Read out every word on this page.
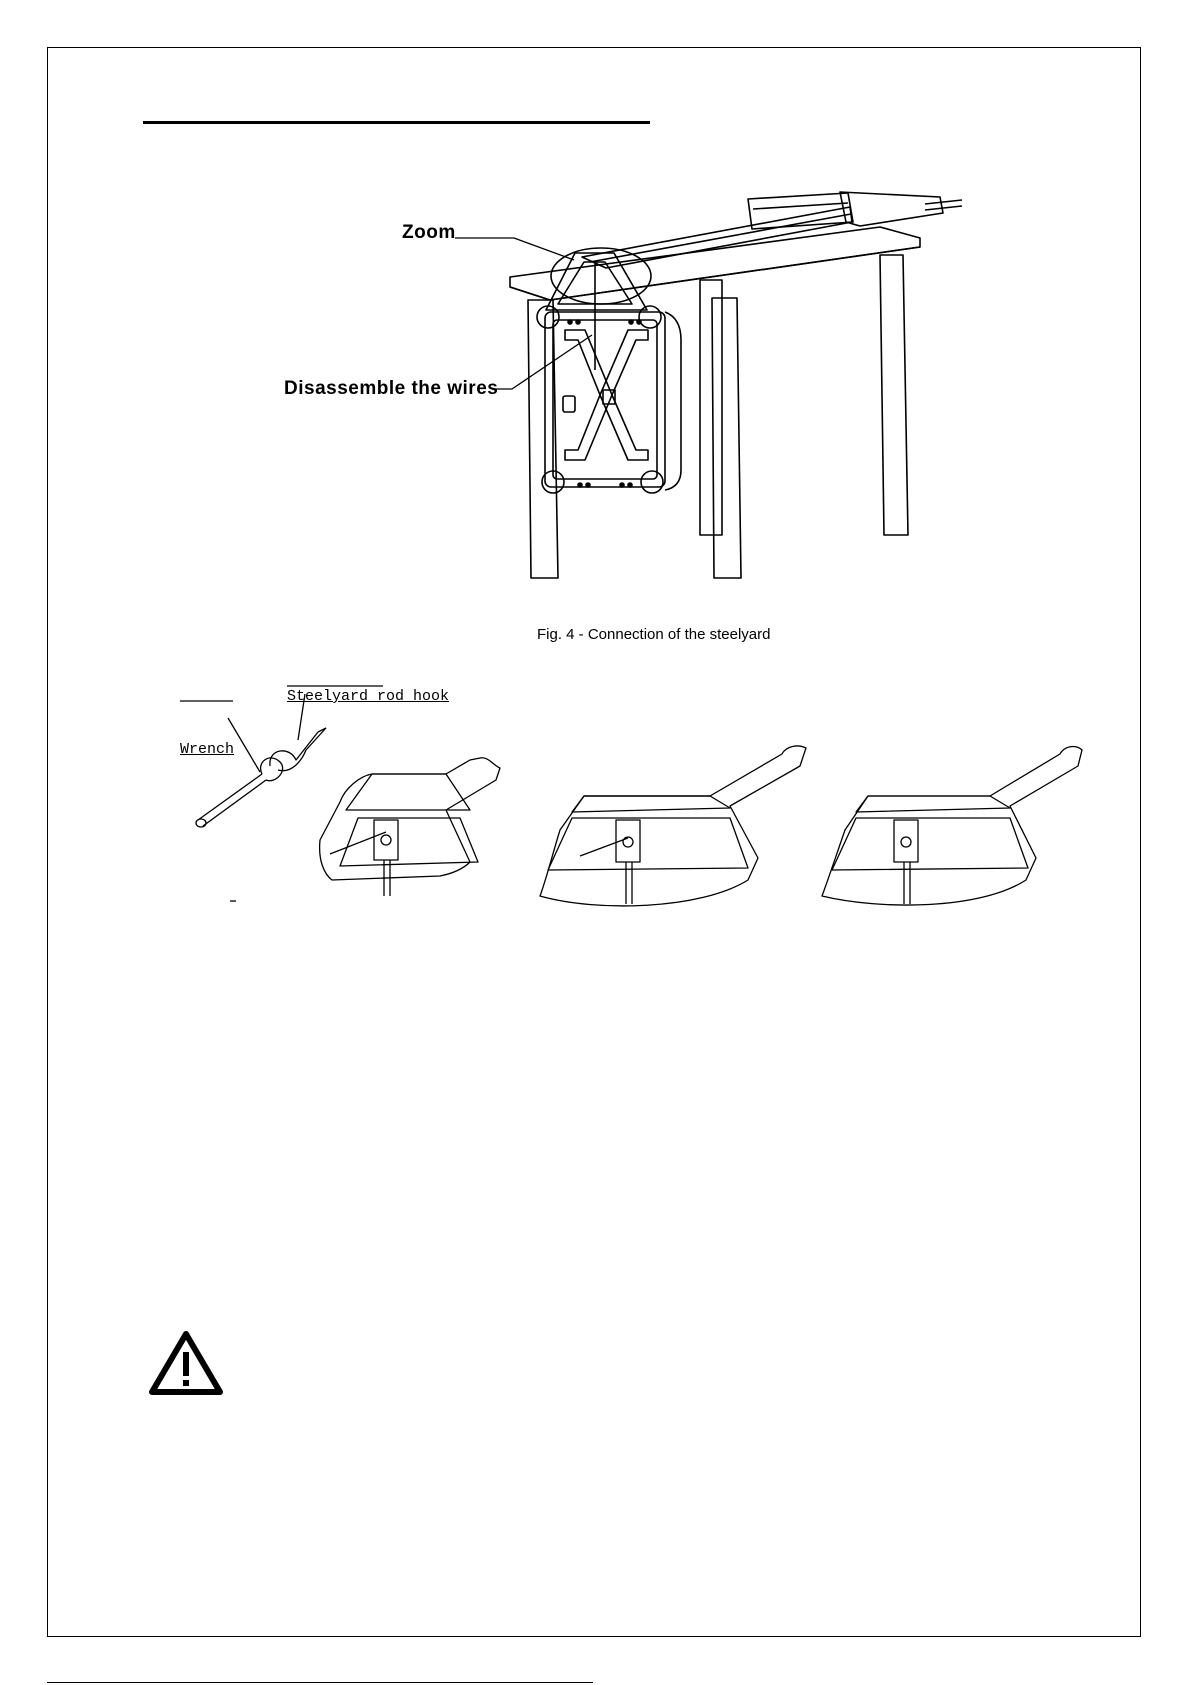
Zoom
Disassemble the wires
Fig. 4 - Connection of the steelyard
Steelyard rod hook
Wrench
